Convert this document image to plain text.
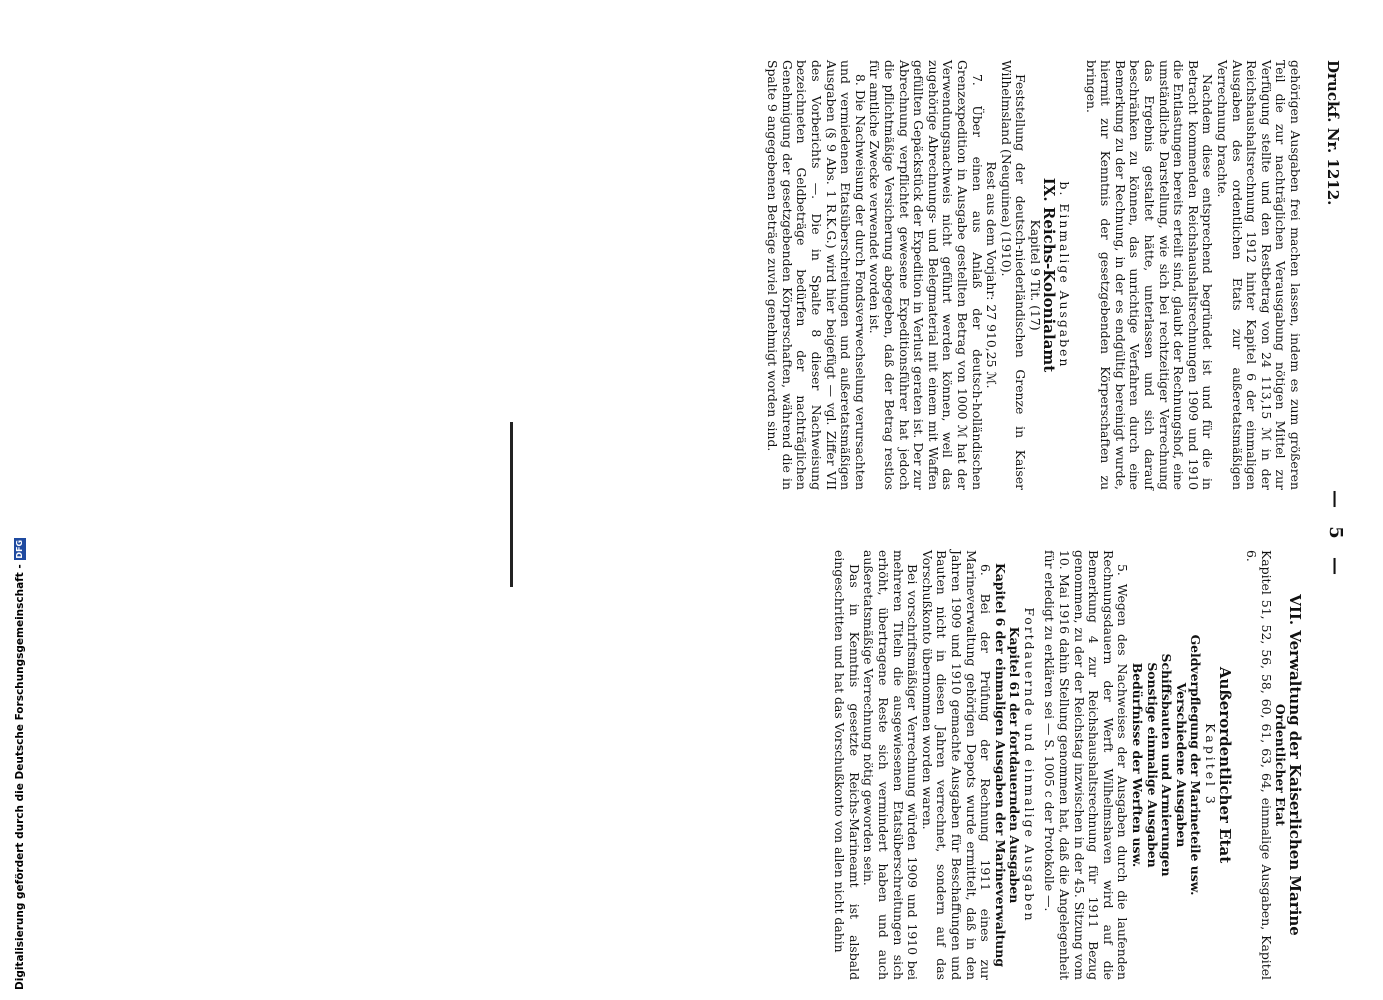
Druckf. Nr. 1212.
— 5 —

gehörigen Ausgaben frei machen lassen, indem es zum größeren Teil die zur nachträglichen Verausgabung nötigen Mittel zur Verfügung stellte und den Restbetrag von 24 113,15 ℳ in der Reichshaushaltsrechnung 1912 hinter Kapitel 6 der einmaligen Ausgaben des ordentlichen Etats zur außeretatsmäßigen Verrechnung brachte.

Nachdem diese entsprechend begründet ist und für die in Betracht kommenden Reichshaushaltsrechnungen 1909 und 1910 die Entlastungen bereits erteilt sind, glaubt der Rechnungshof, eine umständliche Darstellung, wie sich bei rechtzeitiger Verrechnung das Ergebnis gestaltet hätte, unterlassen und sich darauf beschränken zu können, das unrichtige Verfahren durch eine Bemerkung zu der Rechnung, in der es endgültig bereinigt wurde, hiermit zur Kenntnis der gesetzgebenden Körperschaften zu bringen.

b. Einmalige Ausgaben

IX. Reichs-Kolonialamt

Kapitel 9 Tit. (17)

Feststellung der deutsch-niederländischen Grenze in Kaiser Wilhelmsland (Neuguinea) (1910).

Rest aus dem Vorjahr: 27 910,25 ℳ.

7. Über einen aus Anlaß der deutsch-holländischen Grenzexpedition in Ausgabe gestellten Betrag von 1000 ℳ hat der Verwendungsnachweis nicht geführt werden können, weil das zugehörige Abrechnungs- und Belegmaterial mit einem mit Waffen gefüllten Gepäckstück der Expedition in Verlust geraten ist. Der zur Abrechnung verpflichtet gewesene Expeditionsführer hat jedoch die pflichtmäßige Versicherung abgegeben, daß der Betrag restlos für amtliche Zwecke verwendet worden ist.

8. Die Nachweisung der durch Fondsverwechselung verursachten und vermiedenen Etatsüberschreitungen und außeretatsmäßigen Ausgaben (§ 9 Abs. 1 R.K.G.) wird hier beigefügt — vgl. Ziffer VII des Vorberichts —. Die in Spalte 8 dieser Nachweisung bezeichneten Geldbeträge bedürfen der nachträglichen Genehmigung der gesetzgebenden Körperschaften, während die in Spalte 9 angegebenen Beträge zuviel genehmigt worden sind.

VII. Verwaltung der Kaiserlichen Marine

Ordentlicher Etat

Kapitel 51, 52, 56, 58, 60, 61, 63, 64, einmalige Ausgaben, Kapitel 6.

Außerordentlicher Etat

Kapitel 3

Geldverpflegung der Marineteile usw.

Verschiedene Ausgaben

Schiffsbauten und Armierungen

Sonstige einmalige Ausgaben

Bedürfnisse der Werften usw.

5. Wegen des Nachweises der Ausgaben durch die laufenden Rechnungsdauern der Werft Wilhelmshaven wird auf die Bemerkung 4 zur Reichshaushaltsrechnung für 1911 Bezug genommen, zu der der Reichstag inzwischen in der 45. Sitzung vom 10. Mai 1916 dahin Stellung genommen hat, daß die Angelegenheit für erledigt zu erklären sei — S. 1005 c der Protokolle —.

Fortdauernde und einmalige Ausgaben

Kapitel 61 der fortdauernden Ausgaben

Kapitel 6 der einmaligen Ausgaben der Marineverwaltung

6. Bei der Prüfung der Rechnung 1911 eines zur Marineverwaltung gehörigen Depots wurde ermittelt, daß in den Jahren 1909 und 1910 gemachte Ausgaben für Beschaffungen und Bauten nicht in diesen Jahren verrechnet, sondern auf das Vorschußkonto übernommen worden waren.

Bei vorschriftsmäßiger Verrechnung würden 1909 und 1910 bei mehreren Titeln die ausgewiesenen Etatsüberschreitungen sich erhöht, übertragene Reste sich vermindert haben und auch außeretatsmäßige Verrechnung nötig geworden sein.

Das in Kenntnis gesetzte Reichs-Marineamt ist alsbald eingeschritten und hat das Vorschußkonto von allen nicht dahin

Digitalisierung gefördert durch die Deutsche Forschungsgemeinschaft -
DFG
